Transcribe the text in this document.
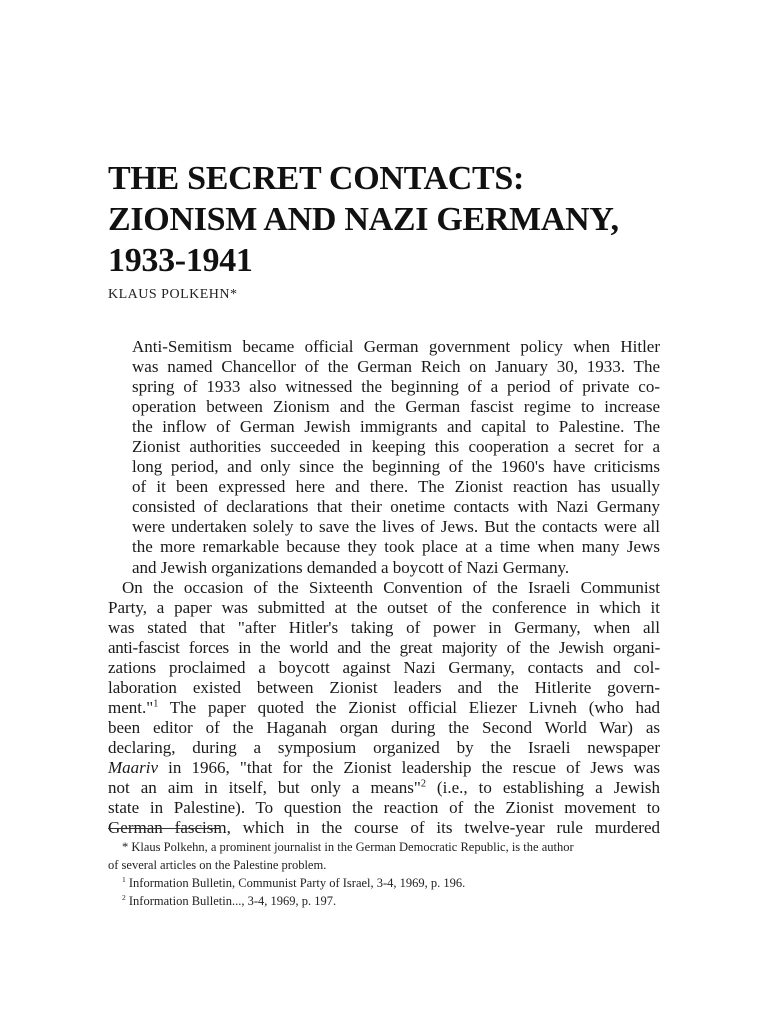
THE SECRET CONTACTS:
ZIONISM AND NAZI GERMANY,
1933-1941

KLAUS POLKEHN*

Anti-Semitism became official German government policy when Hitler
was named Chancellor of the German Reich on January 30, 1933. The
spring of 1933 also witnessed the beginning of a period of private co-
operation between Zionism and the German fascist regime to increase
the inflow of German Jewish immigrants and capital to Palestine. The
Zionist authorities succeeded in keeping this cooperation a secret for a
long period, and only since the beginning of the 1960's have criticisms
of it been expressed here and there. The Zionist reaction has usually
consisted of declarations that their onetime contacts with Nazi Germany
were undertaken solely to save the lives of Jews. But the contacts were all
the more remarkable because they took place at a time when many Jews
and Jewish organizations demanded a boycott of Nazi Germany.

On the occasion of the Sixteenth Convention of the Israeli Communist
Party, a paper was submitted at the outset of the conference in which it
was stated that "after Hitler's taking of power in Germany, when all
anti-fascist forces in the world and the great majority of the Jewish organi-
zations proclaimed a boycott against Nazi Germany, contacts and col-
laboration existed between Zionist leaders and the Hitlerite govern-
ment."$^1$ The paper quoted the Zionist official Eliezer Livneh (who had
been editor of the Haganah organ during the Second World War) as
declaring, during a symposium organized by the Israeli newspaper
Maariv in 1966, "that for the Zionist leadership the rescue of Jews was
not an aim in itself, but only a means"$^2$ (i.e., to establishing a Jewish
state in Palestine). To question the reaction of the Zionist movement to
German fascism, which in the course of its twelve-year rule murdered

* Klaus Polkehn, a prominent journalist in the German Democratic Republic, is the author
of several articles on the Palestine problem.
$^1$ Information Bulletin, Communist Party of Israel, 3-4, 1969, p. 196.
$^2$ Information Bulletin..., 3-4, 1969, p. 197.
